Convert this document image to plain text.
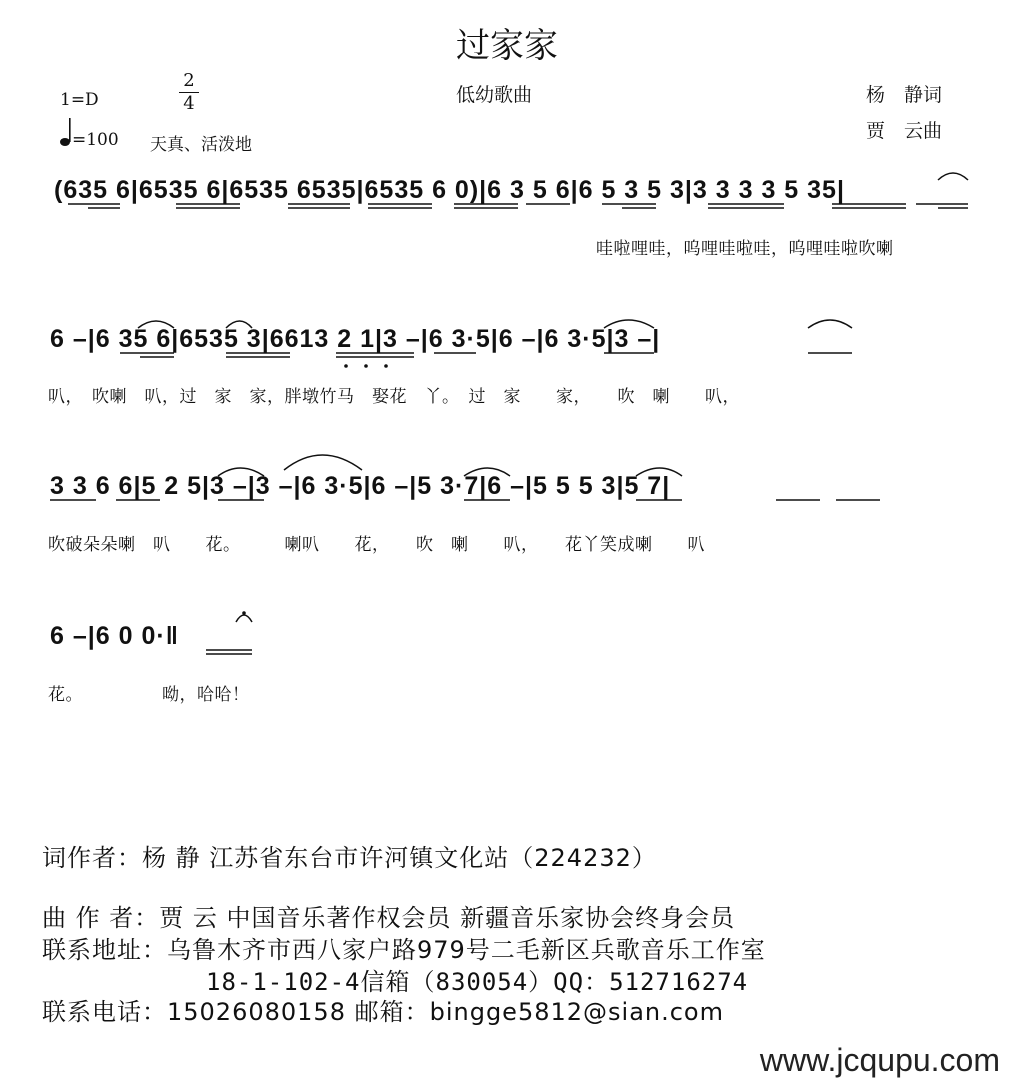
过家家
低幼歌曲
1=D
2
4
=100 天真、活泼地
杨　静词
贾　云曲
(635 6|6535 6|6535 6535|6535 6 0)|6 3 5 6|6 5 3 5 3|3 3 3 3 5 35|
哇啦哩哇，呜哩哇啦哇，呜哩哇啦吹喇
6 –|6 35 6|6535 3|6613 2 1|3 –|6 3·5|6 –|6 3·5|3 –|
叭，　吹喇　叭，过　家　家，胖墩竹马　娶花　丫。　过　家　　家，　　吹　喇　　叭，
3 3 6 6|5 2 5|3 –|3 –|6 3·5|6 –|5 3·7|6 –|5 5 5 3|5 7|
吹破朵朵喇　叭　　花。　　　喇叭　　花，　　吹　喇　　叭，　　花丫笑成喇　　叭
6 –|6 0 0·‖
花。　　　　　呦，哈哈！
词作者：杨 静 江苏省东台市许河镇文化站（224232）
曲 作 者：贾 云 中国音乐著作权会员 新疆音乐家协会终身会员
联系地址：乌鲁木齐市西八家户路979号二毛新区兵歌音乐工作室
18-1-102-4信箱（830054）QQ：512716274
联系电话：15026080158 邮箱：bingge5812@sian.com
www.jcqupu.com
